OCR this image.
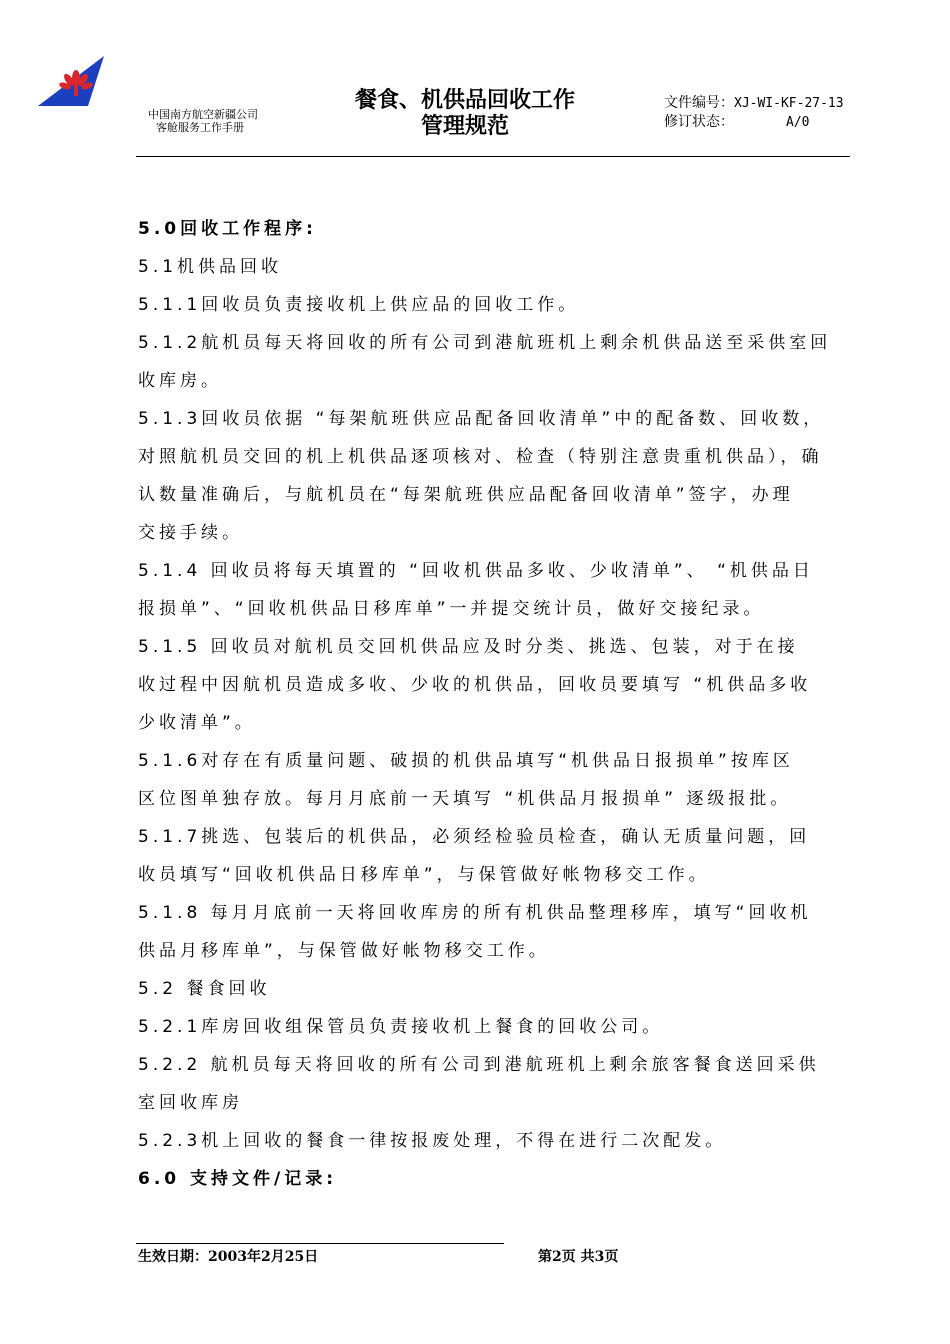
中国南方航空新疆公司
客舱服务工作手册
餐食、机供品回收工作
管理规范
文件编号：XJ-WI-KF-27-13
修订状态：	A/0

5.0回收工作程序:

5.1机供品回收

5.1.1回收员负责接收机上供应品的回收工作。

5.1.2航机员每天将回收的所有公司到港航班机上剩余机供品送至采供室回

收库房。

5.1.3回收员依据 “每架航班供应品配备回收清单”中的配备数、回收数，

对照航机员交回的机上机供品逐项核对、检查（特别注意贵重机供品），确

认数量准确后，与航机员在“每架航班供应品配备回收清单”签字，办理

交接手续。

5.1.4 回收员将每天填置的 “回收机供品多收、少收清单”、 “机供品日

报损单”、“回收机供品日移库单”一并提交统计员，做好交接纪录。

5.1.5 回收员对航机员交回机供品应及时分类、挑选、包装，对于在接

收过程中因航机员造成多收、少收的机供品，回收员要填写 “机供品多收

少收清单”。

5.1.6对存在有质量问题、破损的机供品填写“机供品日报损单”按库区

区位图单独存放。每月月底前一天填写 “机供品月报损单” 逐级报批。

5.1.7挑选、包装后的机供品，必须经检验员检查，确认无质量问题，回

收员填写“回收机供品日移库单”，与保管做好帐物移交工作。

5.1.8 每月月底前一天将回收库房的所有机供品整理移库，填写“回收机

供品月移库单”，与保管做好帐物移交工作。

5.2 餐食回收

5.2.1库房回收组保管员负责接收机上餐食的回收公司。

5.2.2 航机员每天将回收的所有公司到港航班机上剩余旅客餐食送回采供

室回收库房

5.2.3机上回收的餐食一律按报废处理，不得在进行二次配发。

6.0 支持文件/记录:

生效日期：2003年2月25日	第2页 共3页
